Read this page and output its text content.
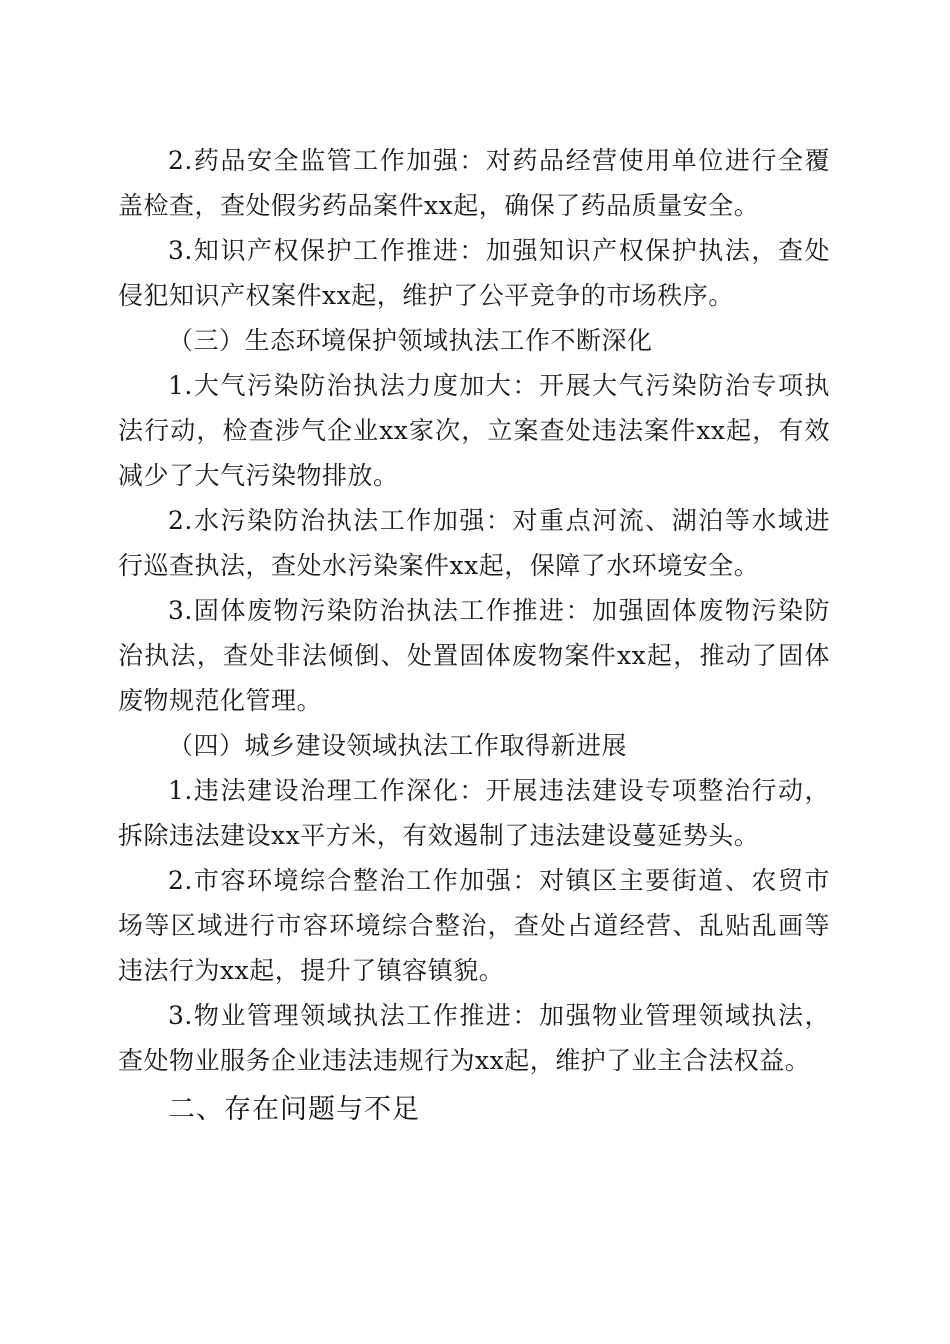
2.药品安全监管工作加强：对药品经营使用单位进行全覆盖检查，查处假劣药品案件xx起，确保了药品质量安全。

3.知识产权保护工作推进：加强知识产权保护执法，查处侵犯知识产权案件xx起，维护了公平竞争的市场秩序。

（三）生态环境保护领域执法工作不断深化

1.大气污染防治执法力度加大：开展大气污染防治专项执法行动，检查涉气企业xx家次，立案查处违法案件xx起，有效减少了大气污染物排放。

2.水污染防治执法工作加强：对重点河流、湖泊等水域进行巡查执法，查处水污染案件xx起，保障了水环境安全。

3.固体废物污染防治执法工作推进：加强固体废物污染防治执法，查处非法倾倒、处置固体废物案件xx起，推动了固体废物规范化管理。

（四）城乡建设领域执法工作取得新进展

1.违法建设治理工作深化：开展违法建设专项整治行动，拆除违法建设xx平方米，有效遏制了违法建设蔓延势头。

2.市容环境综合整治工作加强：对镇区主要街道、农贸市场等区域进行市容环境综合整治，查处占道经营、乱贴乱画等违法行为xx起，提升了镇容镇貌。

3.物业管理领域执法工作推进：加强物业管理领域执法，查处物业服务企业违法违规行为xx起，维护了业主合法权益。

二、存在问题与不足
